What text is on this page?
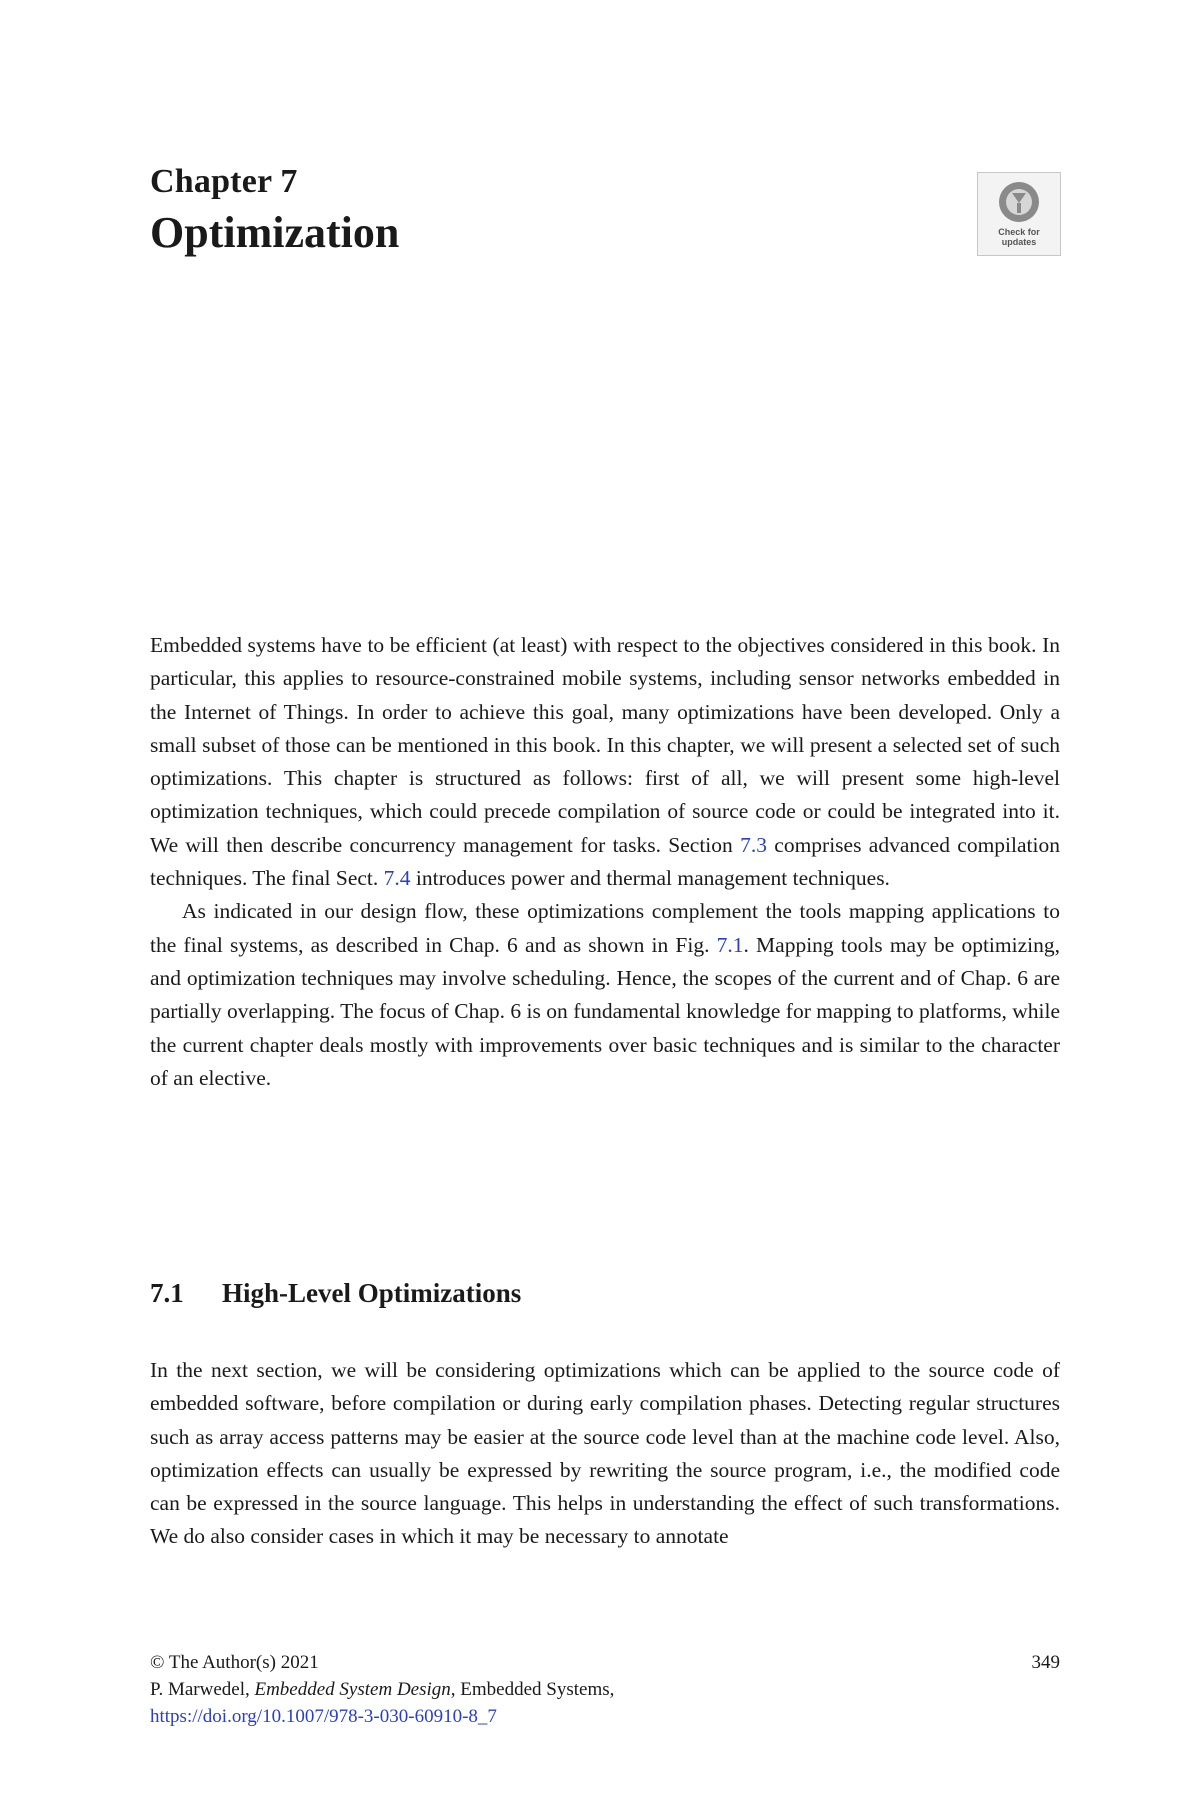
Chapter 7
Optimization	Check for updates

Embedded systems have to be efficient (at least) with respect to the objectives considered in this book. In particular, this applies to resource-constrained mobile systems, including sensor networks embedded in the Internet of Things. In order to achieve this goal, many optimizations have been developed. Only a small subset of those can be mentioned in this book. In this chapter, we will present a selected set of such optimizations. This chapter is structured as follows: first of all, we will present some high-level optimization techniques, which could precede compilation of source code or could be integrated into it. We will then describe concurrency management for tasks. Section 7.3 comprises advanced compilation techniques. The final Sect. 7.4 introduces power and thermal management techniques.

As indicated in our design flow, these optimizations complement the tools mapping applications to the final systems, as described in Chap. 6 and as shown in Fig. 7.1. Mapping tools may be optimizing, and optimization techniques may involve scheduling. Hence, the scopes of the current and of Chap. 6 are partially overlapping. The focus of Chap. 6 is on fundamental knowledge for mapping to platforms, while the current chapter deals mostly with improvements over basic techniques and is similar to the character of an elective.

7.1 High-Level Optimizations

In the next section, we will be considering optimizations which can be applied to the source code of embedded software, before compilation or during early compilation phases. Detecting regular structures such as array access patterns may be easier at the source code level than at the machine code level. Also, optimization effects can usually be expressed by rewriting the source program, i.e., the modified code can be expressed in the source language. This helps in understanding the effect of such transformations. We do also consider cases in which it may be necessary to annotate

© The Author(s) 2021	349
P. Marwedel, Embedded System Design, Embedded Systems,
https://doi.org/10.1007/978-3-030-60910-8_7
